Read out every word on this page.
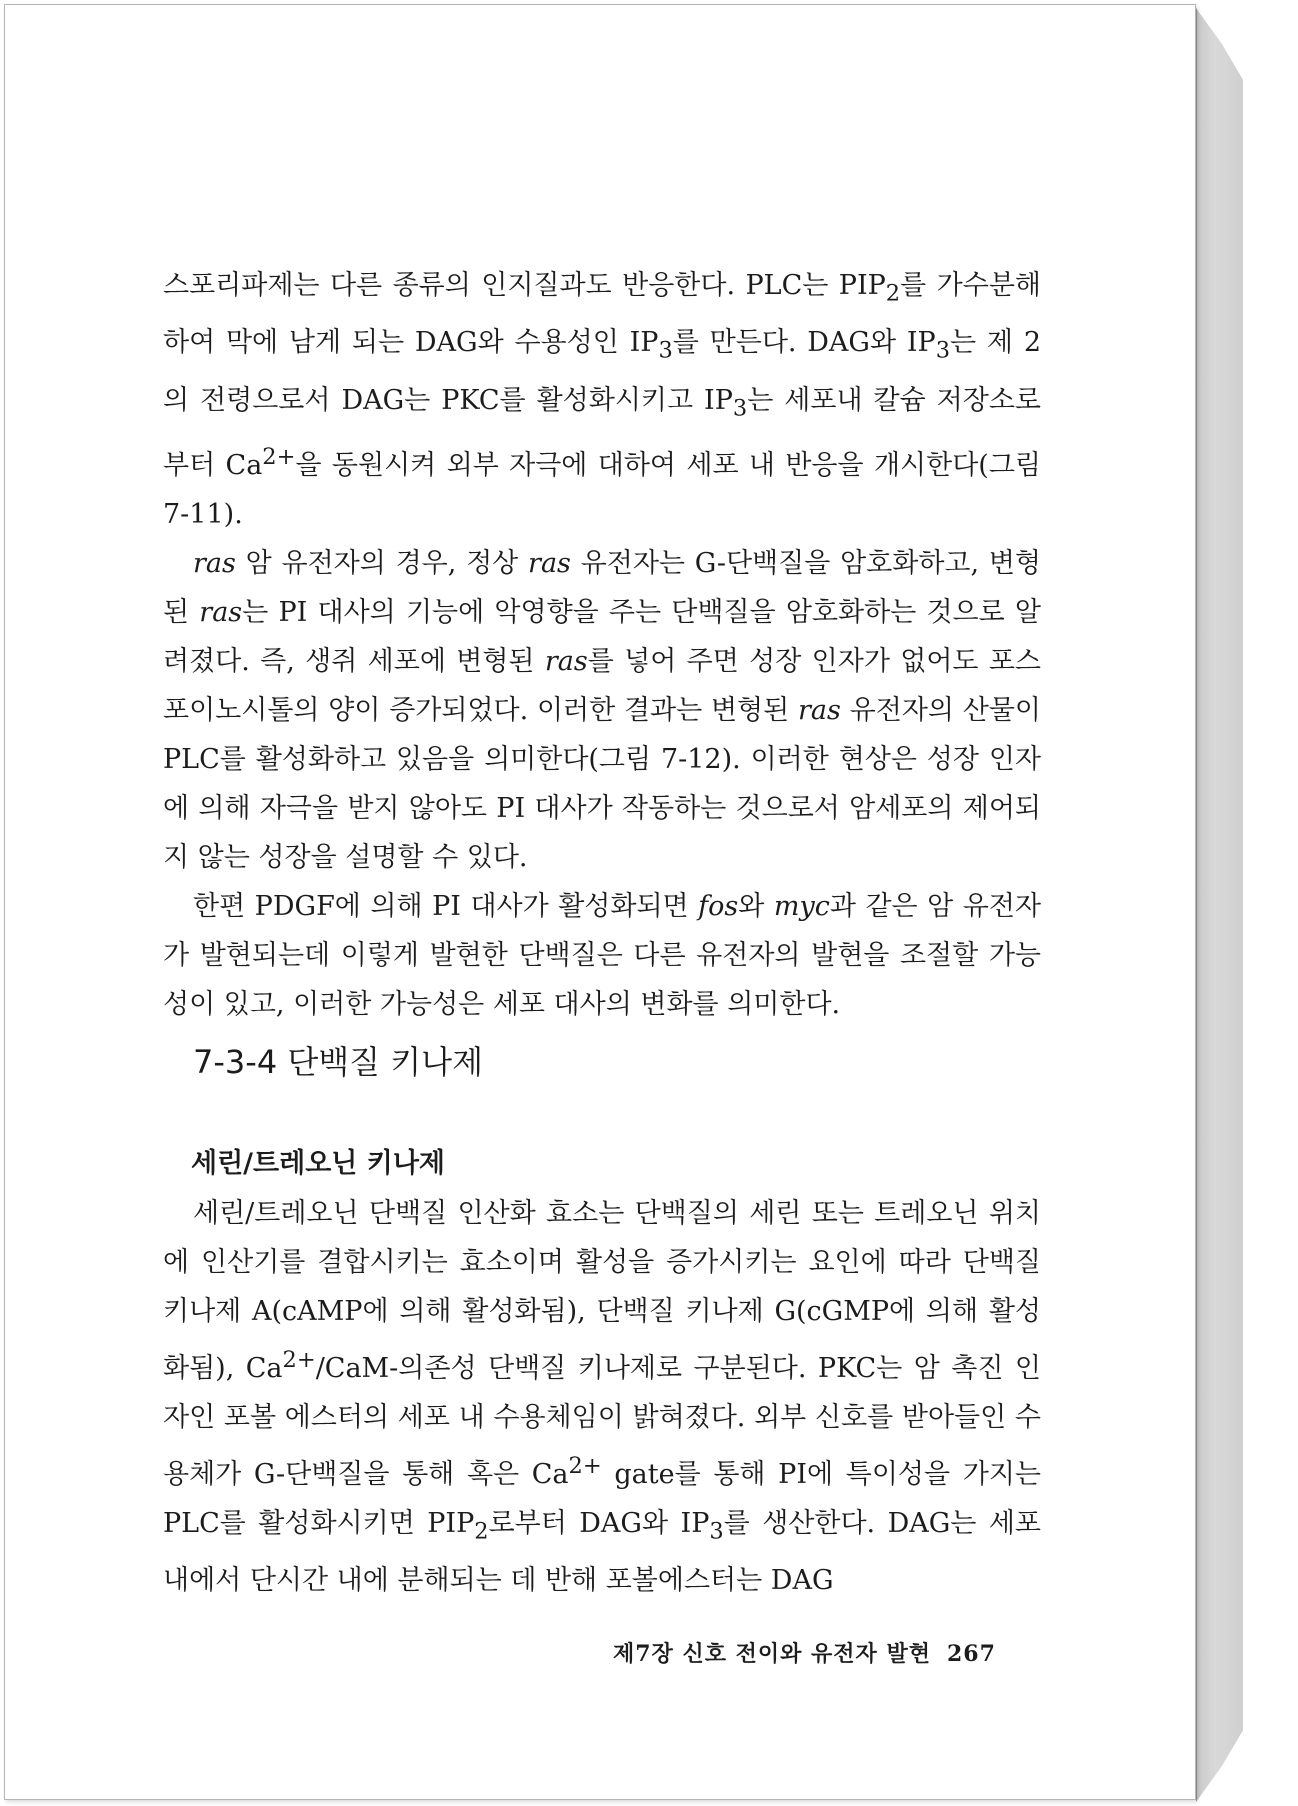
스포리파제는 다른 종류의 인지질과도 반응한다. PLC는 $PIP_2$를 가수분해하여 막에 남게 되는 DAG와 수용성인 $IP_3$를 만든다. DAG와 $IP_3$는 제 2 의 전령으로서 DAG는 PKC를 활성화시키고 $IP_3$는 세포내 칼슘 저장소로부터 $Ca^{2+}$을 동원시켜 외부 자극에 대하여 세포 내 반응을 개시한다(그림 7-11).

ras 암 유전자의 경우, 정상 ras 유전자는 G-단백질을 암호화하고, 변형된 ras는 PI 대사의 기능에 악영향을 주는 단백질을 암호화하는 것으로 알려졌다. 즉, 생쥐 세포에 변형된 ras를 넣어 주면 성장 인자가 없어도 포스포이노시톨의 양이 증가되었다. 이러한 결과는 변형된 ras 유전자의 산물이 PLC를 활성화하고 있음을 의미한다(그림 7-12). 이러한 현상은 성장 인자에 의해 자극을 받지 않아도 PI 대사가 작동하는 것으로서 암세포의 제어되지 않는 성장을 설명할 수 있다.

한편 PDGF에 의해 PI 대사가 활성화되면 fos와 myc과 같은 암 유전자가 발현되는데 이렇게 발현한 단백질은 다른 유전자의 발현을 조절할 가능성이 있고, 이러한 가능성은 세포 대사의 변화를 의미한다.

7-3-4 단백질 키나제
세린/트레오닌 키나제

세린/트레오닌 단백질 인산화 효소는 단백질의 세린 또는 트레오닌 위치에 인산기를 결합시키는 효소이며 활성을 증가시키는 요인에 따라 단백질 키나제 A(cAMP에 의해 활성화됨), 단백질 키나제 G(cGMP에 의해 활성화됨), $Ca^{2+}/CaM-$의존성 단백질 키나제로 구분된다. PKC는 암 촉진 인자인 포볼 에스터의 세포 내 수용체임이 밝혀졌다. 외부 신호를 받아들인 수용체가 G-단백질을 통해 혹은 $Ca^{2+}$ gate를 통해 PI에 특이성을 가지는 PLC를 활성화시키면 $PIP_2$로부터 DAG와 $IP_3$를 생산한다. DAG는 세포 내에서 단시간 내에 분해되는 데 반해 포볼에스터는 DAG

제7장 신호 전이와 유전자 발현 267
